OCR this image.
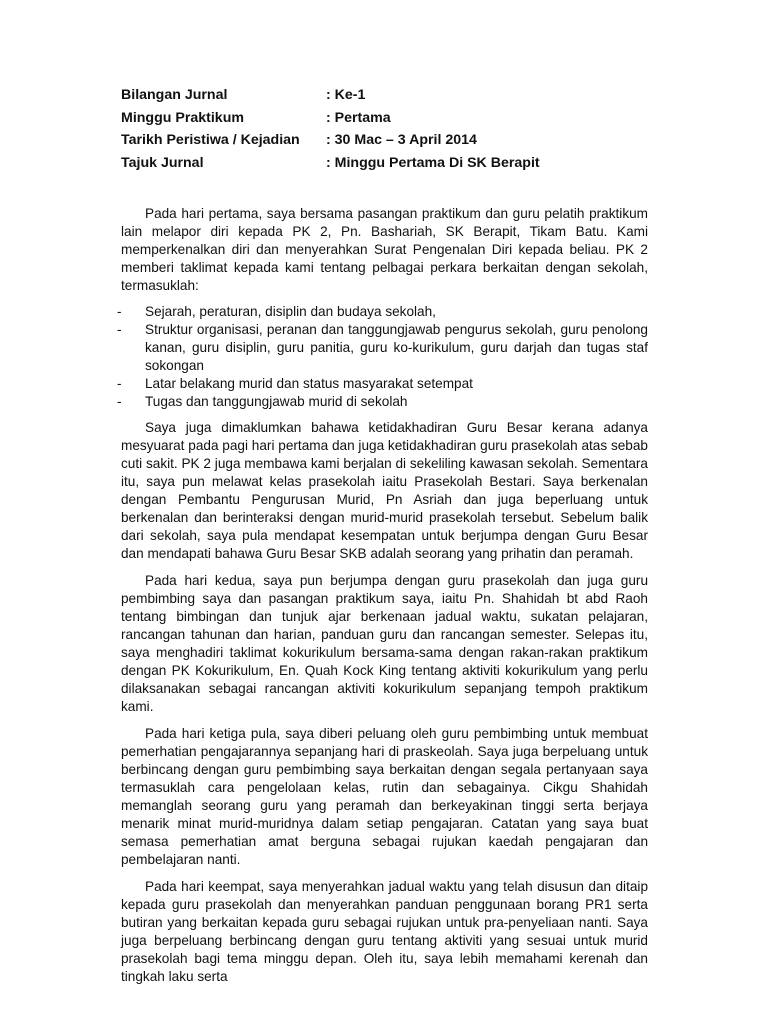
Bilangan Jurnal	: Ke-1
Minggu Praktikum	: Pertama
Tarikh Peristiwa / Kejadian	: 30 Mac – 3 April 2014
Tajuk Jurnal	: Minggu Pertama Di SK Berapit

Pada hari pertama, saya bersama pasangan praktikum dan guru pelatih praktikum lain melapor diri kepada PK 2, Pn. Bashariah, SK Berapit, Tikam Batu. Kami memperkenalkan diri dan menyerahkan Surat Pengenalan Diri kepada beliau. PK 2 memberi taklimat kepada kami tentang pelbagai perkara berkaitan dengan sekolah, termasuklah:

- Sejarah, peraturan, disiplin dan budaya sekolah,
- Struktur organisasi, peranan dan tanggungjawab pengurus sekolah, guru penolong kanan, guru disiplin, guru panitia, guru ko-kurikulum, guru darjah dan tugas staf sokongan
- Latar belakang murid dan status masyarakat setempat
- Tugas dan tanggungjawab murid di sekolah

Saya juga dimaklumkan bahawa ketidakhadiran Guru Besar kerana adanya mesyuarat pada pagi hari pertama dan juga ketidakhadiran guru prasekolah atas sebab cuti sakit. PK 2 juga membawa kami berjalan di sekeliling kawasan sekolah. Sementara itu, saya pun melawat kelas prasekolah iaitu Prasekolah Bestari. Saya berkenalan dengan Pembantu Pengurusan Murid, Pn Asriah dan juga beperluang untuk berkenalan dan berinteraksi dengan murid-murid prasekolah tersebut. Sebelum balik dari sekolah, saya pula mendapat kesempatan untuk berjumpa dengan Guru Besar dan mendapati bahawa Guru Besar SKB adalah seorang yang prihatin dan peramah.

Pada hari kedua, saya pun berjumpa dengan guru prasekolah dan juga guru pembimbing saya dan pasangan praktikum saya, iaitu Pn. Shahidah bt abd Raoh tentang bimbingan dan tunjuk ajar berkenaan jadual waktu, sukatan pelajaran, rancangan tahunan dan harian, panduan guru dan rancangan semester. Selepas itu, saya menghadiri taklimat kokurikulum bersama-sama dengan rakan-rakan praktikum dengan PK Kokurikulum, En. Quah Kock King tentang aktiviti kokurikulum yang perlu dilaksanakan sebagai rancangan aktiviti kokurikulum sepanjang tempoh praktikum kami.

Pada hari ketiga pula, saya diberi peluang oleh guru pembimbing untuk membuat pemerhatian pengajarannya sepanjang hari di praskeolah. Saya juga berpeluang untuk berbincang dengan guru pembimbing saya berkaitan dengan segala pertanyaan saya termasuklah cara pengelolaan kelas, rutin dan sebagainya. Cikgu Shahidah memanglah seorang guru yang peramah dan berkeyakinan tinggi serta berjaya menarik minat murid-muridnya dalam setiap pengajaran. Catatan yang saya buat semasa pemerhatian amat berguna sebagai rujukan kaedah pengajaran dan pembelajaran nanti.

Pada hari keempat, saya menyerahkan jadual waktu yang telah disusun dan ditaip kepada guru prasekolah dan menyerahkan panduan penggunaan borang PR1 serta butiran yang berkaitan kepada guru sebagai rujukan untuk pra-penyeliaan nanti. Saya juga berpeluang berbincang dengan guru tentang aktiviti yang sesuai untuk murid prasekolah bagi tema minggu depan. Oleh itu, saya lebih memahami kerenah dan tingkah laku serta
